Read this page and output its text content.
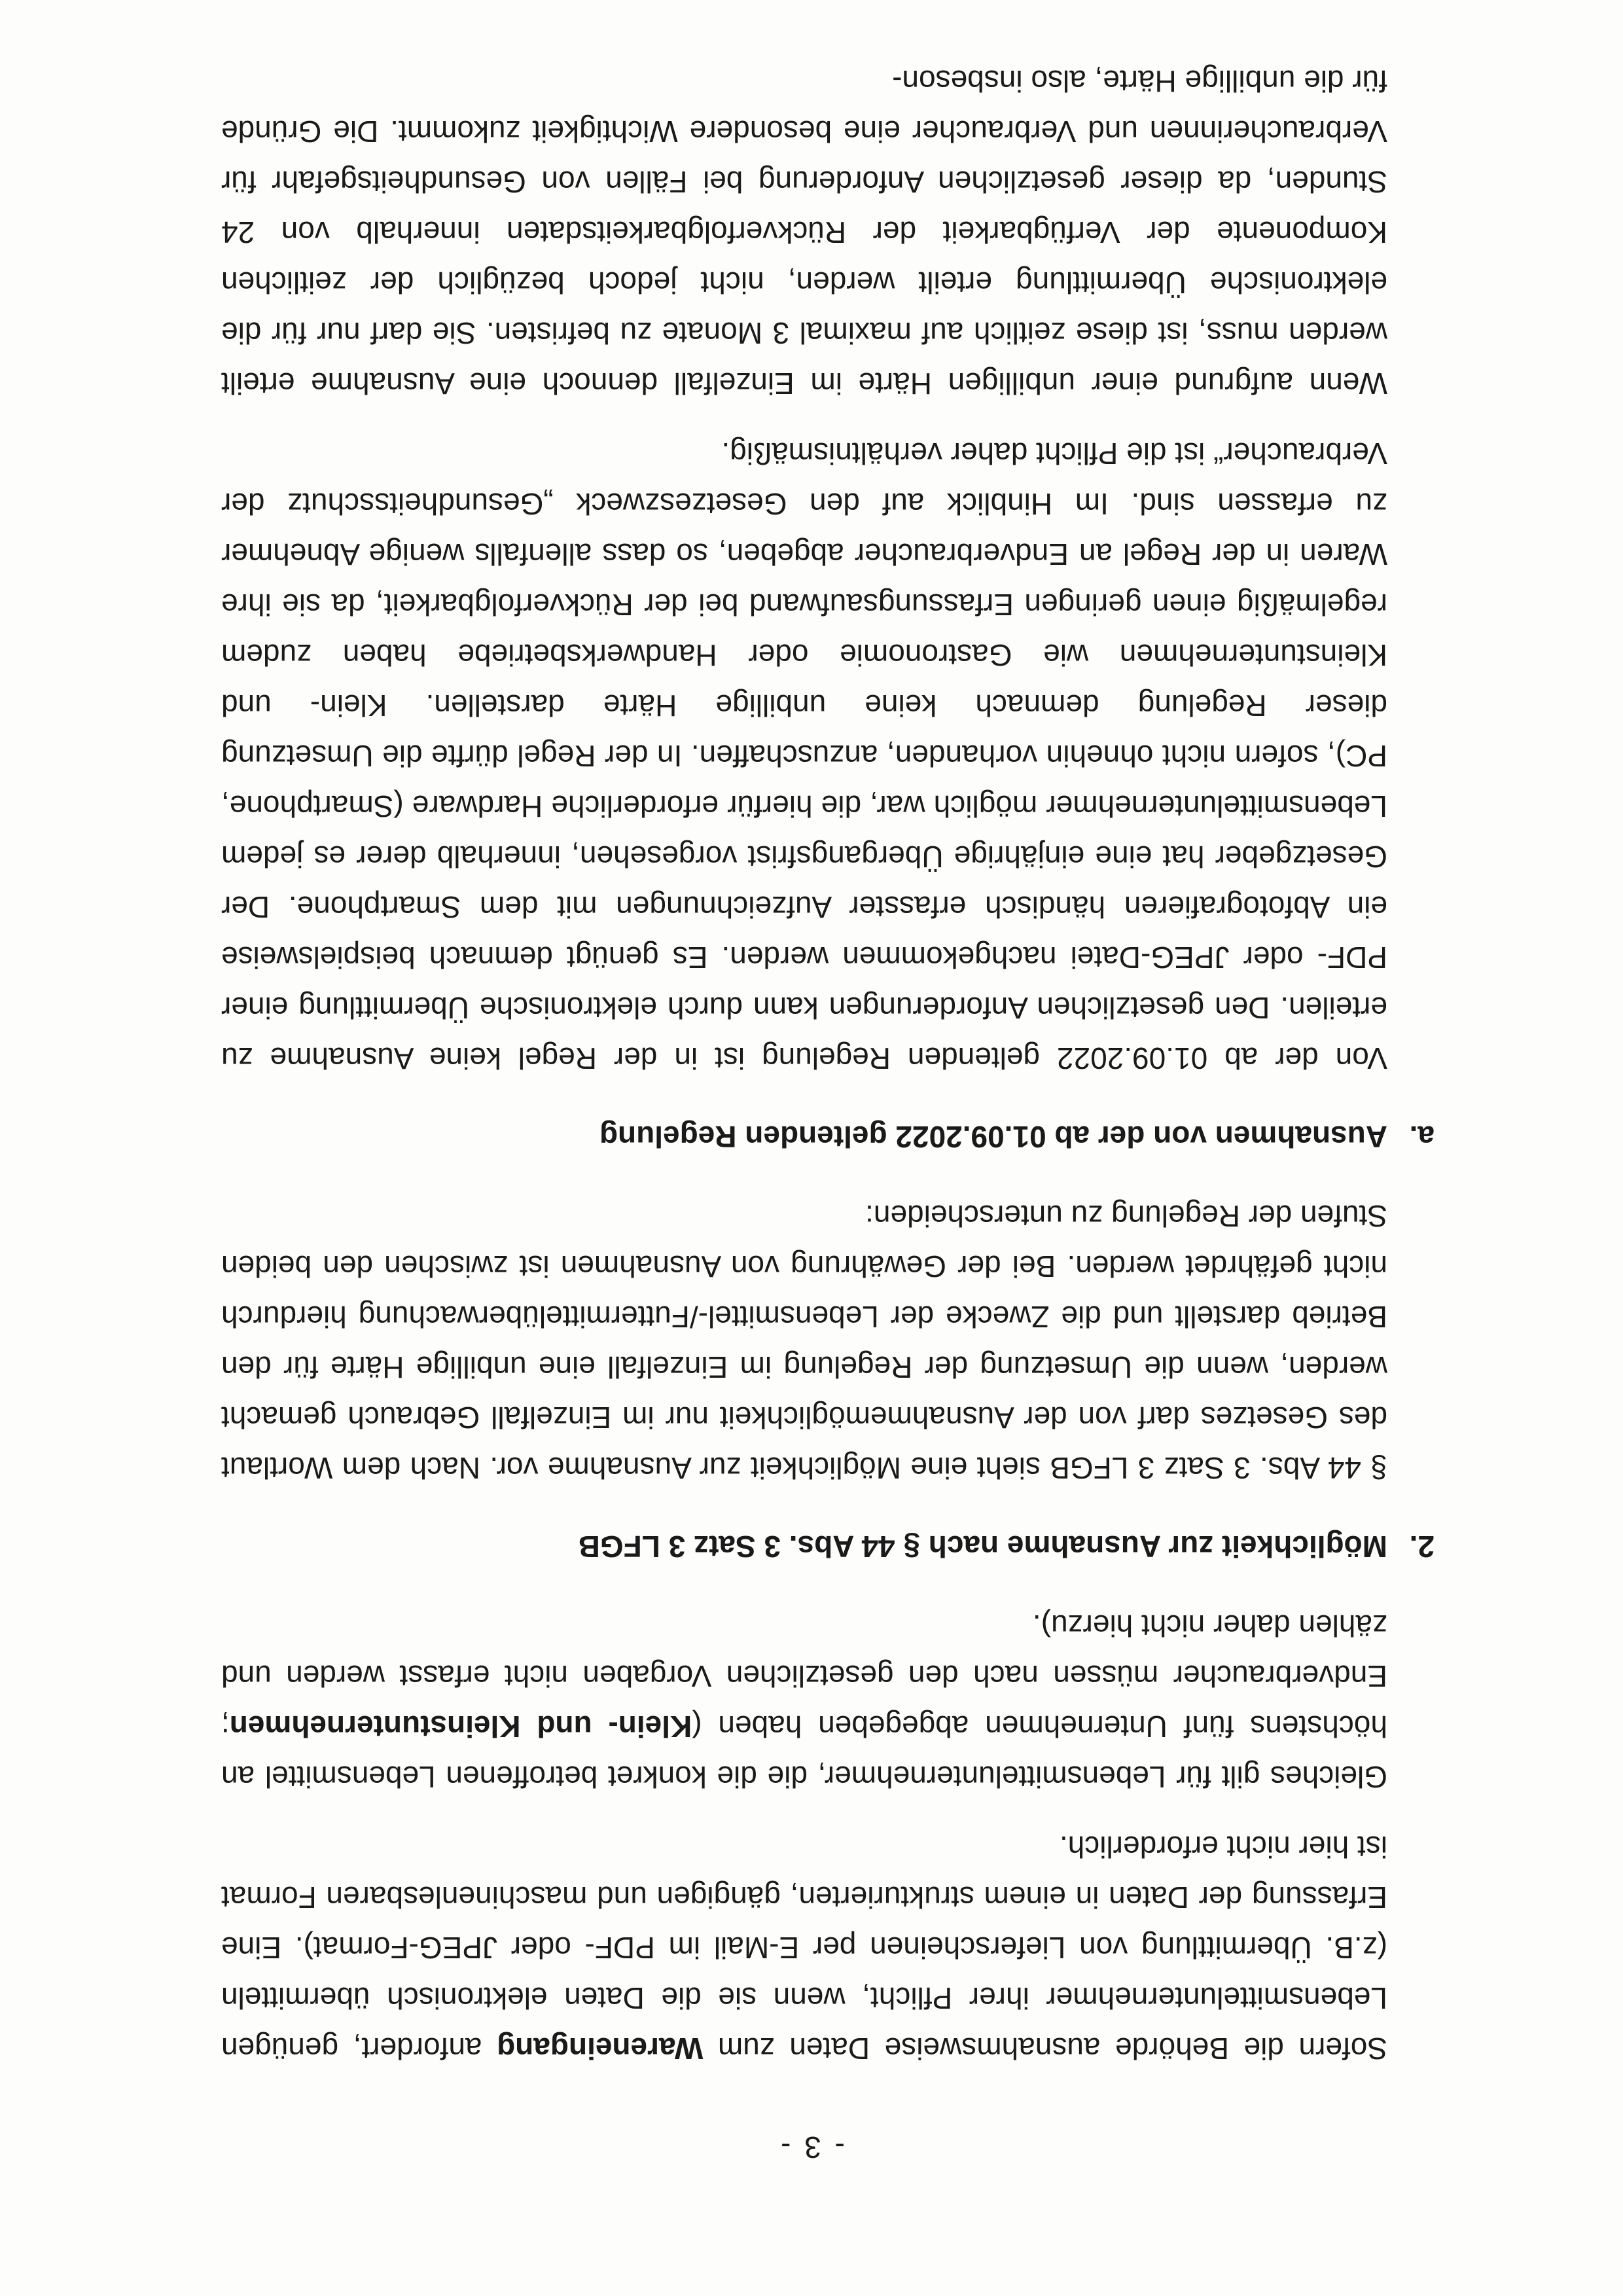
- 3 -

Sofern die Behörde ausnahmsweise Daten zum Wareneingang anfordert, genügen Lebensmittelunternehmer ihrer Pflicht, wenn sie die Daten elektronisch übermitteln (z.B. Übermittlung von Lieferscheinen per E-Mail im PDF- oder JPEG-Format). Eine Erfassung der Daten in einem strukturierten, gängigen und maschinenlesbaren Format ist hier nicht erforderlich.

Gleiches gilt für Lebensmittelunternehmer, die die konkret betroffenen Lebensmittel an höchstens fünf Unternehmen abgegeben haben (Klein- und Kleinstunternehmen; Endverbraucher müssen nach den gesetzlichen Vorgaben nicht erfasst werden und zählen daher nicht hierzu).

2.Möglichkeit zur Ausnahme nach § 44 Abs. 3 Satz 3 LFGB

§ 44 Abs. 3 Satz 3 LFGB sieht eine Möglichkeit zur Ausnahme vor. Nach dem Wortlaut des Gesetzes darf von der Ausnahmemöglichkeit nur im Einzelfall Gebrauch gemacht werden, wenn die Umsetzung der Regelung im Einzelfall eine unbillige Härte für den Betrieb darstellt und die Zwecke der Lebensmittel-/Futtermittelüberwachung hierdurch nicht gefährdet werden. Bei der Gewährung von Ausnahmen ist zwischen den beiden Stufen der Regelung zu unterscheiden:

a.Ausnahmen von der ab 01.09.2022 geltenden Regelung

Von der ab 01.09.2022 geltenden Regelung ist in der Regel keine Ausnahme zu erteilen. Den gesetzlichen Anforderungen kann durch elektronische Übermittlung einer PDF- oder JPEG-Datei nachgekommen werden. Es genügt demnach beispielsweise ein Abfotografieren händisch erfasster Aufzeichnungen mit dem Smartphone. Der Gesetzgeber hat eine einjährige Übergangsfrist vorgesehen, innerhalb derer es jedem Lebensmittelunternehmer möglich war, die hierfür erforderliche Hardware (Smartphone, PC), sofern nicht ohnehin vorhanden, anzuschaffen. In der Regel dürfte die Umsetzung dieser Regelung demnach keine unbillige Härte darstellen. Klein- und Kleinstunternehmen wie Gastronomie oder Handwerksbetriebe haben zudem regelmäßig einen geringen Erfassungsaufwand bei der Rückverfolgbarkeit, da sie ihre Waren in der Regel an Endverbraucher abgeben, so dass allenfalls wenige Abnehmer zu erfassen sind. Im Hinblick auf den Gesetzeszweck „Gesundheitsschutz der Verbraucher“ ist die Pflicht daher verhältnismäßig.

Wenn aufgrund einer unbilligen Härte im Einzelfall dennoch eine Ausnahme erteilt werden muss, ist diese zeitlich auf maximal 3 Monate zu befristen. Sie darf nur für die elektronische Übermittlung erteilt werden, nicht jedoch bezüglich der zeitlichen Komponente der Verfügbarkeit der Rückverfolgbarkeitsdaten innerhalb von 24 Stunden, da dieser gesetzlichen Anforderung bei Fällen von Gesundheitsgefahr für Verbraucherinnen und Verbraucher eine besondere Wichtigkeit zukommt. Die Gründe für die unbillige Härte, also insbeson-
